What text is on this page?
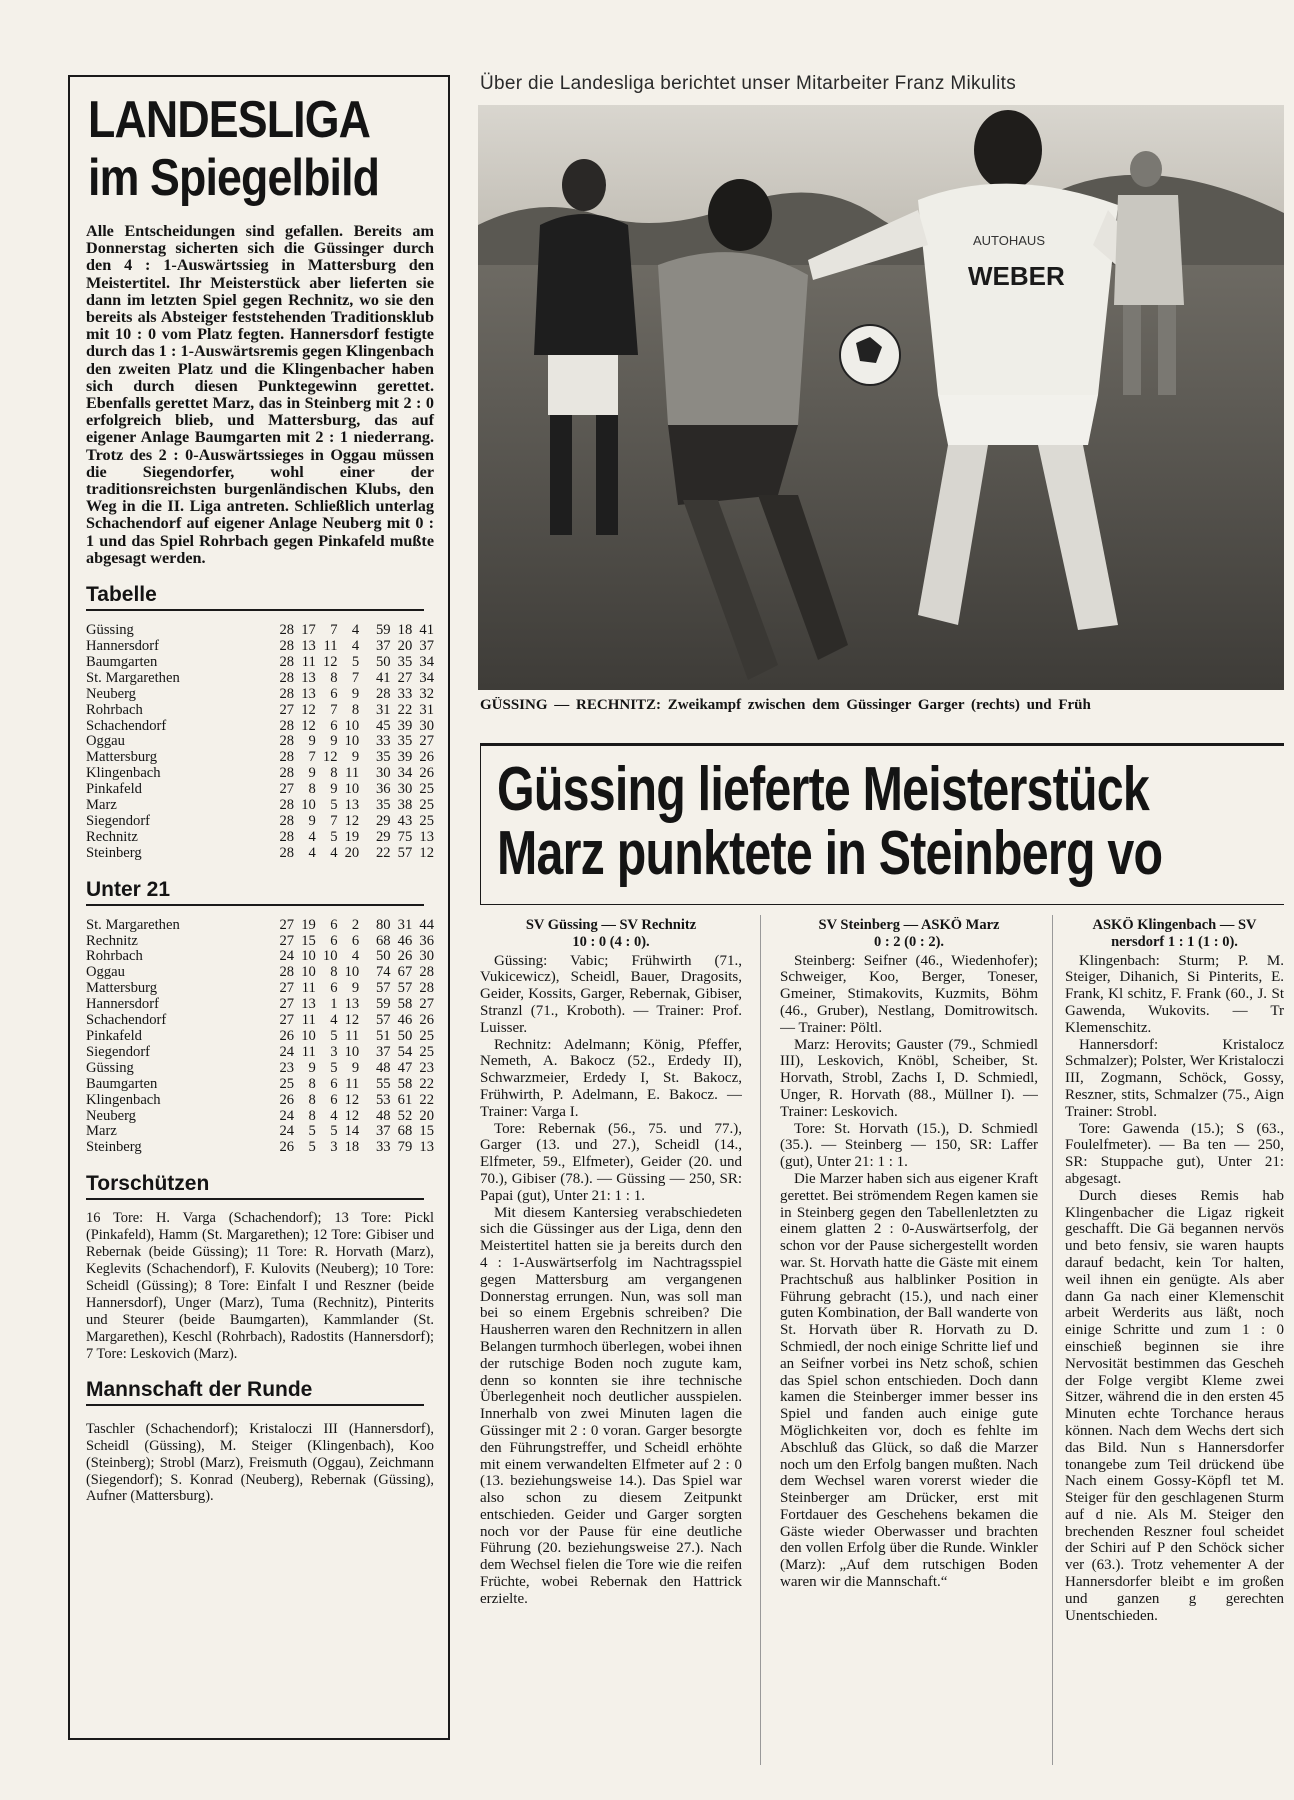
LANDESLIGA
im Spiegelbild

Alle Entscheidungen sind gefallen. Bereits am Donnerstag sicherten sich die Güssinger durch den 4 : 1-Auswärtssieg in Mattersburg den Meistertitel. Ihr Meisterstück aber lieferten sie dann im letzten Spiel gegen Rechnitz, wo sie den bereits als Absteiger feststehenden Traditionsklub mit 10 : 0 vom Platz fegten. Hannersdorf festigte durch das 1 : 1-Auswärtsremis gegen Klingenbach den zweiten Platz und die Klingenbacher haben sich durch diesen Punktegewinn gerettet. Ebenfalls gerettet Marz, das in Steinberg mit 2 : 0 erfolgreich blieb, und Mattersburg, das auf eigener Anlage Baumgarten mit 2 : 1 niederrang. Trotz des 2 : 0-Auswärtssieges in Oggau müssen die Siegendorfer, wohl einer der traditionsreichsten burgenländischen Klubs, den Weg in die II. Liga antreten. Schließlich unterlag Schachendorf auf eigener Anlage Neuberg mit 0 : 1 und das Spiel Rohrbach gegen Pinkafeld mußte abgesagt werden.

Tabelle
Güssing	28	17	7	4		59	18	41
Hannersdorf	28	13	11	4		37	20	37
Baumgarten	28	11	12	5		50	35	34
St. Margarethen	28	13	8	7		41	27	34
Neuberg	28	13	6	9		28	33	32
Rohrbach	27	12	7	8		31	22	31
Schachendorf	28	12	6	10		45	39	30
Oggau	28	9	9	10		33	35	27
Mattersburg	28	7	12	9		35	39	26
Klingenbach	28	9	8	11		30	34	26
Pinkafeld	27	8	9	10		36	30	25
Marz	28	10	5	13		35	38	25
Siegendorf	28	9	7	12		29	43	25
Rechnitz	28	4	5	19		29	75	13
Steinberg	28	4	4	20		22	57	12
Unter 21
St. Margarethen	27	19	6	2		80	31	44
Rechnitz	27	15	6	6		68	46	36
Rohrbach	24	10	10	4		50	26	30
Oggau	28	10	8	10		74	67	28
Mattersburg	27	11	6	9		57	57	28
Hannersdorf	27	13	1	13		59	58	27
Schachendorf	27	11	4	12		57	46	26
Pinkafeld	26	10	5	11		51	50	25
Siegendorf	24	11	3	10		37	54	25
Güssing	23	9	5	9		48	47	23
Baumgarten	25	8	6	11		55	58	22
Klingenbach	26	8	6	12		53	61	22
Neuberg	24	8	4	12		48	52	20
Marz	24	5	5	14		37	68	15
Steinberg	26	5	3	18		33	79	13
Torschützen

16 Tore: H. Varga (Schachendorf); 13 Tore: Pickl (Pinkafeld), Hamm (St. Margarethen); 12 Tore: Gibiser und Rebernak (beide Güssing); 11 Tore: R. Horvath (Marz), Keglevits (Schachendorf), F. Kulovits (Neuberg); 10 Tore: Scheidl (Güssing); 8 Tore: Einfalt I und Reszner (beide Hannersdorf), Unger (Marz), Tuma (Rechnitz), Pinterits und Steurer (beide Baumgarten), Kammlander (St. Margarethen), Keschl (Rohrbach), Radostits (Hannersdorf); 7 Tore: Leskovich (Marz).

Mannschaft der Runde

Taschler (Schachendorf); Kristaloczi III (Hannersdorf), Scheidl (Güssing), M. Steiger (Klingenbach), Koo (Steinberg); Strobl (Marz), Freismuth (Oggau), Zeichmann (Siegendorf); S. Konrad (Neuberg), Rebernak (Güssing), Aufner (Mattersburg).

Über die Landesliga berichtet unser Mitarbeiter Franz Mikulits
AUTOHAUS
WEBER
GÜSSING — RECHNITZ: Zweikampf zwischen dem Güssinger Garger (rechts) und Früh
Güssing lieferte Meisterstück
Marz punktete in Steinberg vo
SV Güssing — SV Rechnitz
10 : 0 (4 : 0).

Güssing: Vabic; Frühwirth (71., Vukicewicz), Scheidl, Bauer, Dragosits, Geider, Kossits, Garger, Rebernak, Gibiser, Stranzl (71., Kroboth). — Trainer: Prof. Luisser.

Rechnitz: Adelmann; König, Pfeffer, Nemeth, A. Bakocz (52., Erdedy II), Schwarzmeier, Erdedy I, St. Bakocz, Frühwirth, P. Adelmann, E. Bakocz. — Trainer: Varga I.

Tore: Rebernak (56., 75. und 77.), Garger (13. und 27.), Scheidl (14., Elfmeter, 59., Elfmeter), Geider (20. und 70.), Gibiser (78.). — Güssing — 250, SR: Papai (gut), Unter 21: 1 : 1.

Mit diesem Kantersieg verabschiedeten sich die Güssinger aus der Liga, denn den Meistertitel hatten sie ja bereits durch den 4 : 1-Auswärtserfolg im Nachtragsspiel gegen Mattersburg am vergangenen Donnerstag errungen. Nun, was soll man bei so einem Ergebnis schreiben? Die Hausherren waren den Rechnitzern in allen Belangen turmhoch überlegen, wobei ihnen der rutschige Boden noch zugute kam, denn so konnten sie ihre technische Überlegenheit noch deutlicher ausspielen. Innerhalb von zwei Minuten lagen die Güssinger mit 2 : 0 voran. Garger besorgte den Führungstreffer, und Scheidl erhöhte mit einem verwandelten Elfmeter auf 2 : 0 (13. beziehungsweise 14.). Das Spiel war also schon zu diesem Zeitpunkt entschieden. Geider und Garger sorgten noch vor der Pause für eine deutliche Führung (20. beziehungsweise 27.). Nach dem Wechsel fielen die Tore wie die reifen Früchte, wobei Rebernak den Hattrick erzielte.

SV Steinberg — ASKÖ Marz
0 : 2 (0 : 2).

Steinberg: Seifner (46., Wiedenhofer); Schweiger, Koo, Berger, Toneser, Gmeiner, Stimakovits, Kuzmits, Böhm (46., Gruber), Nestlang, Domitrowitsch. — Trainer: Pöltl.

Marz: Herovits; Gauster (79., Schmiedl III), Leskovich, Knöbl, Scheiber, St. Horvath, Strobl, Zachs I, D. Schmiedl, Unger, R. Horvath (88., Müllner I). — Trainer: Leskovich.

Tore: St. Horvath (15.), D. Schmiedl (35.). — Steinberg — 150, SR: Laffer (gut), Unter 21: 1 : 1.

Die Marzer haben sich aus eigener Kraft gerettet. Bei strömendem Regen kamen sie in Steinberg gegen den Tabellenletzten zu einem glatten 2 : 0-Auswärtserfolg, der schon vor der Pause sichergestellt worden war. St. Horvath hatte die Gäste mit einem Prachtschuß aus halblinker Position in Führung gebracht (15.), und nach einer guten Kombination, der Ball wanderte von St. Horvath über R. Horvath zu D. Schmiedl, der noch einige Schritte lief und an Seifner vorbei ins Netz schoß, schien das Spiel schon entschieden. Doch dann kamen die Steinberger immer besser ins Spiel und fanden auch einige gute Möglichkeiten vor, doch es fehlte im Abschluß das Glück, so daß die Marzer noch um den Erfolg bangen mußten. Nach dem Wechsel waren vorerst wieder die Steinberger am Drücker, erst mit Fortdauer des Geschehens bekamen die Gäste wieder Oberwasser und brachten den vollen Erfolg über die Runde. Winkler (Marz): „Auf dem rutschigen Boden waren wir die Mannschaft.“

ASKÖ Klingenbach — SV
nersdorf 1 : 1 (1 : 0).

Klingenbach: Sturm; P. M. Steiger, Dihanich, Si Pinterits, E. Frank, Kl schitz, F. Frank (60., J. St Gawenda, Wukovits. — Tr Klemenschitz.

Hannersdorf: Kristalocz Schmalzer); Polster, Wer Kristaloczi III, Zogmann, Schöck, Gossy, Reszner, stits, Schmalzer (75., Aign Trainer: Strobl.

Tore: Gawenda (15.); S (63., Foulelfmeter). — Ba ten — 250, SR: Stuppache gut), Unter 21: abgesagt.

Durch dieses Remis hab Klingenbacher die Ligaz rigkeit geschafft. Die Gä begannen nervös und beto fensiv, sie waren haupts darauf bedacht, kein Tor halten, weil ihnen ein genügte. Als aber dann Ga nach einer Klemenschit arbeit Werderits aus läßt, noch einige Schritte und zum 1 : 0 einschieß beginnen sie ihre Nervosität bestimmen das Gescheh der Folge vergibt Kleme zwei Sitzer, während die in den ersten 45 Minuten echte Torchance heraus können. Nach dem Wechs dert sich das Bild. Nun s Hannersdorfer tonangebe zum Teil drückend übe Nach einem Gossy-Köpfl tet M. Steiger für den geschlagenen Sturm auf d nie. Als M. Steiger den brechenden Reszner foul scheidet der Schiri auf P den Schöck sicher ver (63.). Trotz vehementer A der Hannersdorfer bleibt e im großen und ganzen g gerechten Unentschieden.
